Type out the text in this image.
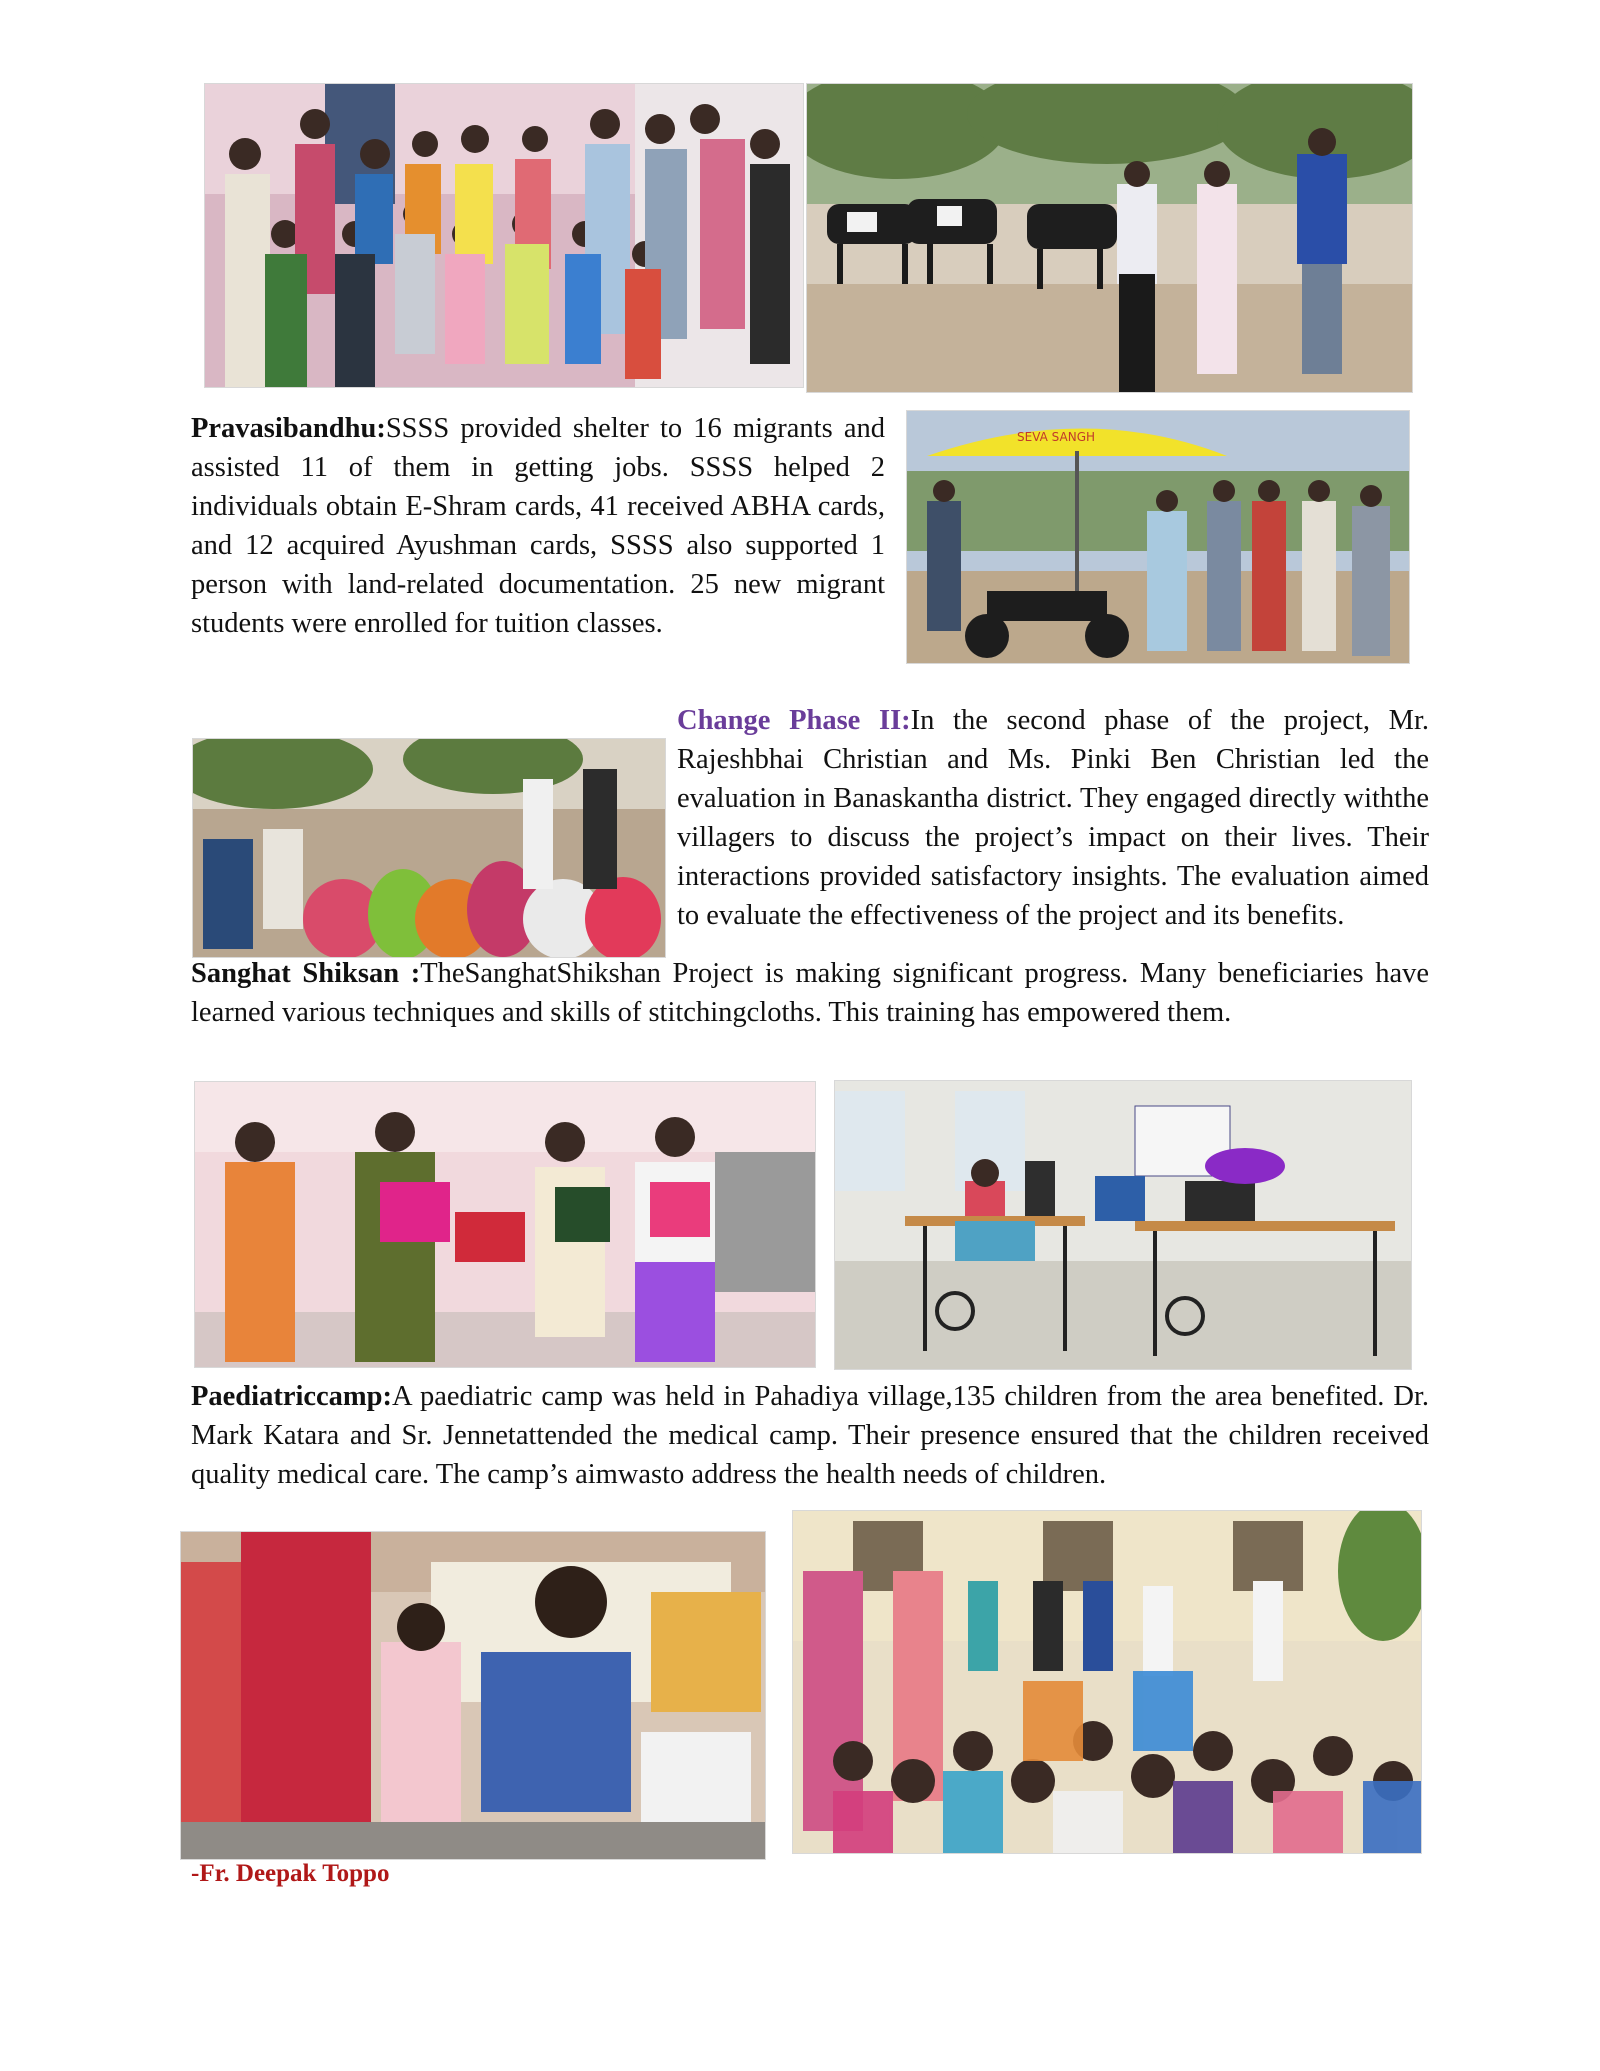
SEVA SANGH

Pravasibandhu:SSSS provided shelter to 16 migrants and assisted 11 of them in getting jobs. SSSS helped 2 individuals obtain E-Shram cards, 41 received ABHA cards, and 12 acquired Ayushman cards, SSSS also supported 1 person with land-related documentation. 25 new migrant students were enrolled for tuition classes.

Change Phase II:In the second phase of the project, Mr. Rajeshbhai Christian and Ms. Pinki Ben Christian led the evaluation in Banaskantha district. They engaged directly withthe villagers to discuss the project’s impact on their lives. Their interactions provided satisfactory insights. The evaluation aimed to evaluate the effectiveness of the project and its benefits.

Sanghat Shiksan :TheSanghatShikshan Project is making significant progress. Many beneficiaries have learned various techniques and skills of stitchingcloths. This training has empowered them.

Paediatriccamp:A paediatric camp was held in Pahadiya village,135 children from the area benefited. Dr. Mark Katara and Sr. Jennetattended the medical camp. Their presence ensured that the children received quality medical care. The camp’s aimwasto address the health needs of children.

-Fr. Deepak Toppo
